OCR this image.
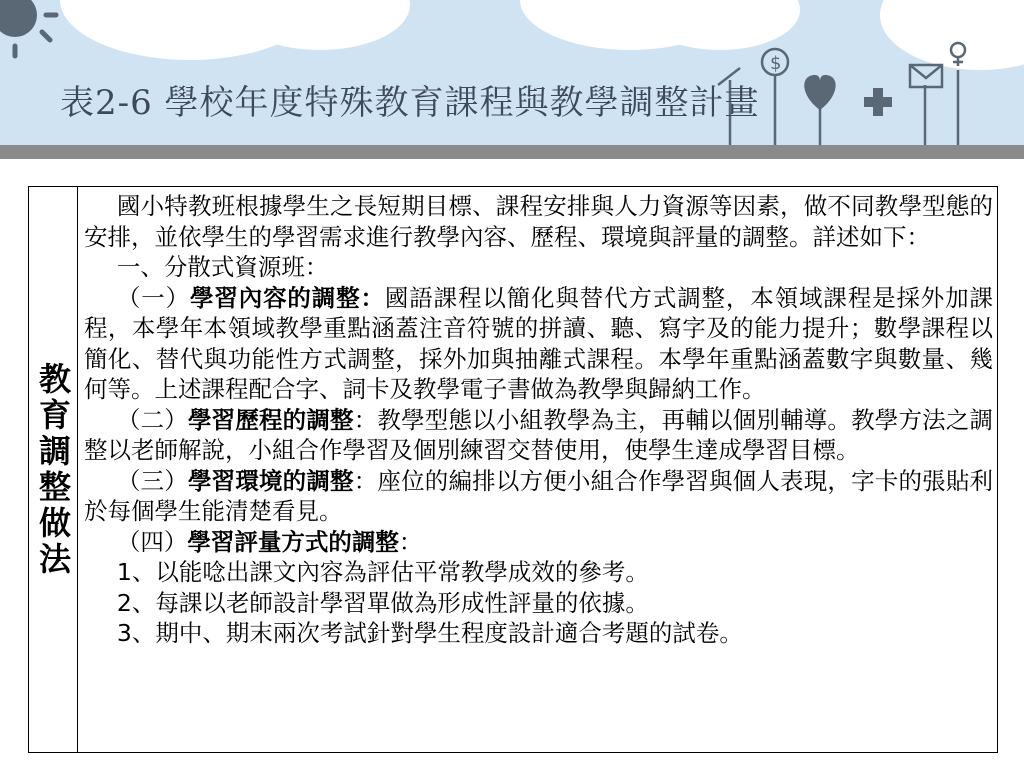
$
表2-6 學校年度特殊教育課程與教學調整計畫
教育調整做法

國小特教班根據學生之長短期目標、課程安排與人力資源等因素，做不同教學型態的安排，並依學生的學習需求進行教學內容、歷程、環境與評量的調整。詳述如下：

一、分散式資源班：

（一）學習內容的調整：國語課程以簡化與替代方式調整，本領域課程是採外加課程，本學年本領域教學重點涵蓋注音符號的拼讀、聽、寫字及的能力提升；數學課程以簡化、替代與功能性方式調整，採外加與抽離式課程。本學年重點涵蓋數字與數量、幾何等。上述課程配合字、詞卡及教學電子書做為教學與歸納工作。

（二）學習歷程的調整：教學型態以小組教學為主，再輔以個別輔導。教學方法之調整以老師解說，小組合作學習及個別練習交替使用，使學生達成學習目標。

（三）學習環境的調整：座位的編排以方便小組合作學習與個人表現，字卡的張貼利於每個學生能清楚看見。

（四）學習評量方式的調整：

1、以能唸出課文內容為評估平常教學成效的參考。

2、每課以老師設計學習單做為形成性評量的依據。

3、期中、期末兩次考試針對學生程度設計適合考題的試卷。
